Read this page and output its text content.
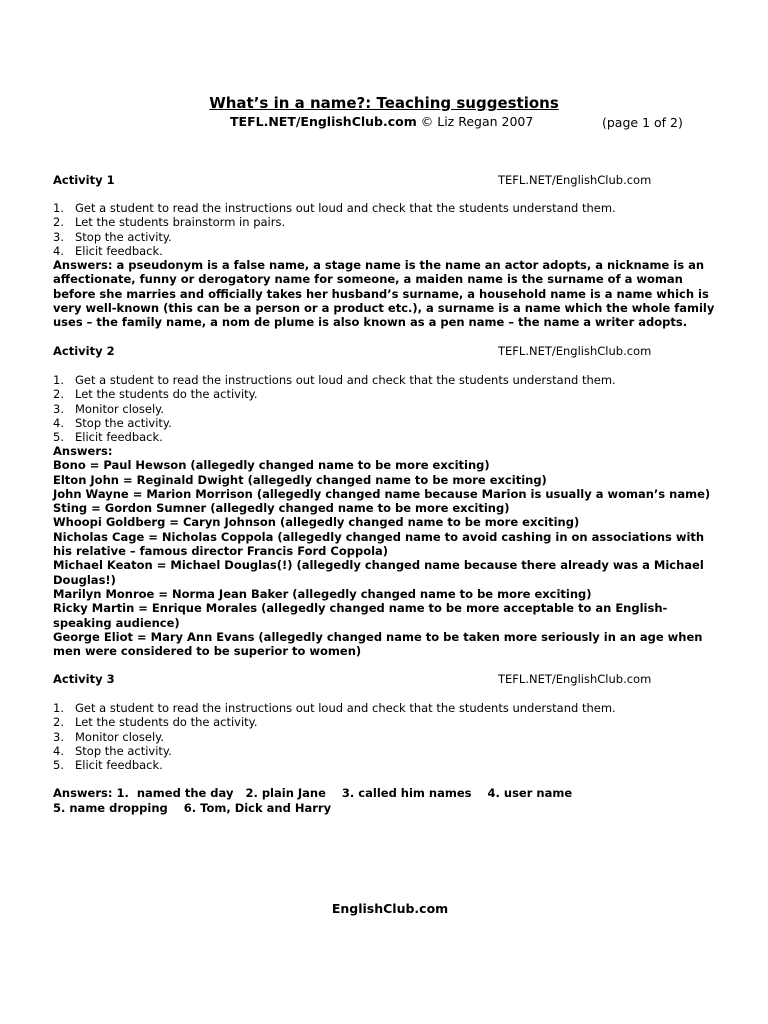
What’s in a name?: Teaching suggestions
TEFL.NET/EnglishClub.com © Liz Regan 2007	(page 1 of 2)
Activity 1	TEFL.NET/EnglishClub.com
1. Get a student to read the instructions out loud and check that the students understand them.
2. Let the students brainstorm in pairs.
3. Stop the activity.
4. Elicit feedback.
Answers: a pseudonym is a false name, a stage name is the name an actor adopts, a nickname is an affectionate, funny or derogatory name for someone, a maiden name is the surname of a woman before she marries and officially takes her husband’s surname, a household name is a name which is very well-known (this can be a person or a product etc.), a surname is a name which the whole family uses – the family name, a nom de plume is also known as a pen name – the name a writer adopts.
Activity 2	TEFL.NET/EnglishClub.com
1. Get a student to read the instructions out loud and check that the students understand them.
2. Let the students do the activity.
3. Monitor closely.
4. Stop the activity.
5. Elicit feedback.

Answers:

Bono = Paul Hewson (allegedly changed name to be more exciting)

Elton John = Reginald Dwight (allegedly changed name to be more exciting)

John Wayne = Marion Morrison (allegedly changed name because Marion is usually a woman’s name)

Sting = Gordon Sumner (allegedly changed name to be more exciting)

Whoopi Goldberg = Caryn Johnson (allegedly changed name to be more exciting)

Nicholas Cage = Nicholas Coppola (allegedly changed name to avoid cashing in on associations with his relative – famous director Francis Ford Coppola)

Michael Keaton = Michael Douglas(!) (allegedly changed name because there already was a Michael Douglas!)

Marilyn Monroe = Norma Jean Baker (allegedly changed name to be more exciting)

Ricky Martin = Enrique Morales (allegedly changed name to be more acceptable to an English-speaking audience)

George Eliot = Mary Ann Evans (allegedly changed name to be taken more seriously in an age when men were considered to be superior to women)

Activity 3	TEFL.NET/EnglishClub.com
1. Get a student to read the instructions out loud and check that the students understand them.
2. Let the students do the activity.
3. Monitor closely.
4. Stop the activity.
5. Elicit feedback.
Answers: 1.  named the day   2. plain Jane    3. called him names    4. user name
5. name dropping    6. Tom, Dick and Harry
EnglishClub.com
